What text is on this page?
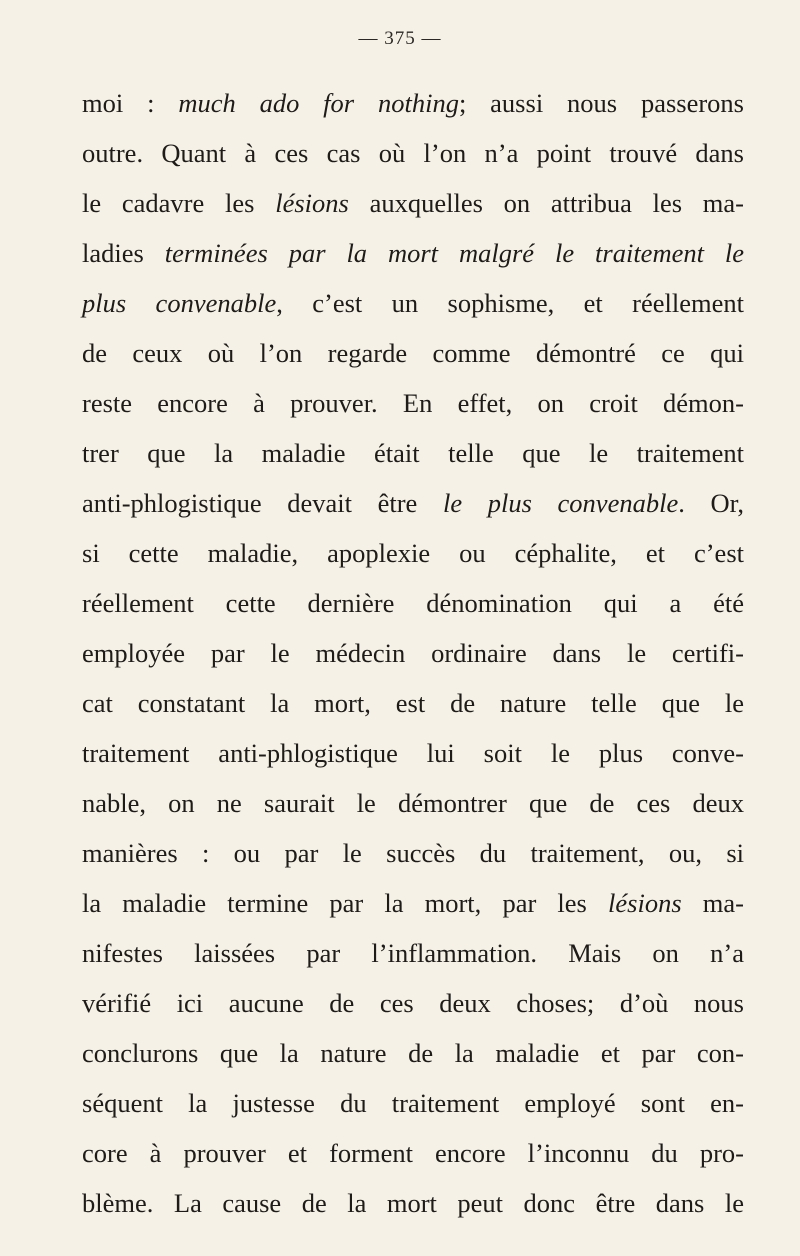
— 375 —
moi : much ado for nothing; aussi nous passerons
outre. Quant à ces cas où l’on n’a point trouvé dans
le cadavre les lésions auxquelles on attribua les ma-
ladies terminées par la mort malgré le traitement le
plus convenable, c’est un sophisme, et réellement
de ceux où l’on regarde comme démontré ce qui
reste encore à prouver. En effet, on croit démon-
trer que la maladie était telle que le traitement
anti-phlogistique devait être le plus convenable. Or,
si cette maladie, apoplexie ou céphalite, et c’est
réellement cette dernière dénomination qui a été
employée par le médecin ordinaire dans le certifi-
cat constatant la mort, est de nature telle que le
traitement anti-phlogistique lui soit le plus conve-
nable, on ne saurait le démontrer que de ces deux
manières : ou par le succès du traitement, ou, si
la maladie termine par la mort, par les lésions ma-
nifestes laissées par l’inflammation. Mais on n’a
vérifié ici aucune de ces deux choses; d’où nous
conclurons que la nature de la maladie et par con-
séquent la justesse du traitement employé sont en-
core à prouver et forment encore l’inconnu du pro-
blème. La cause de la mort peut donc être dans le
